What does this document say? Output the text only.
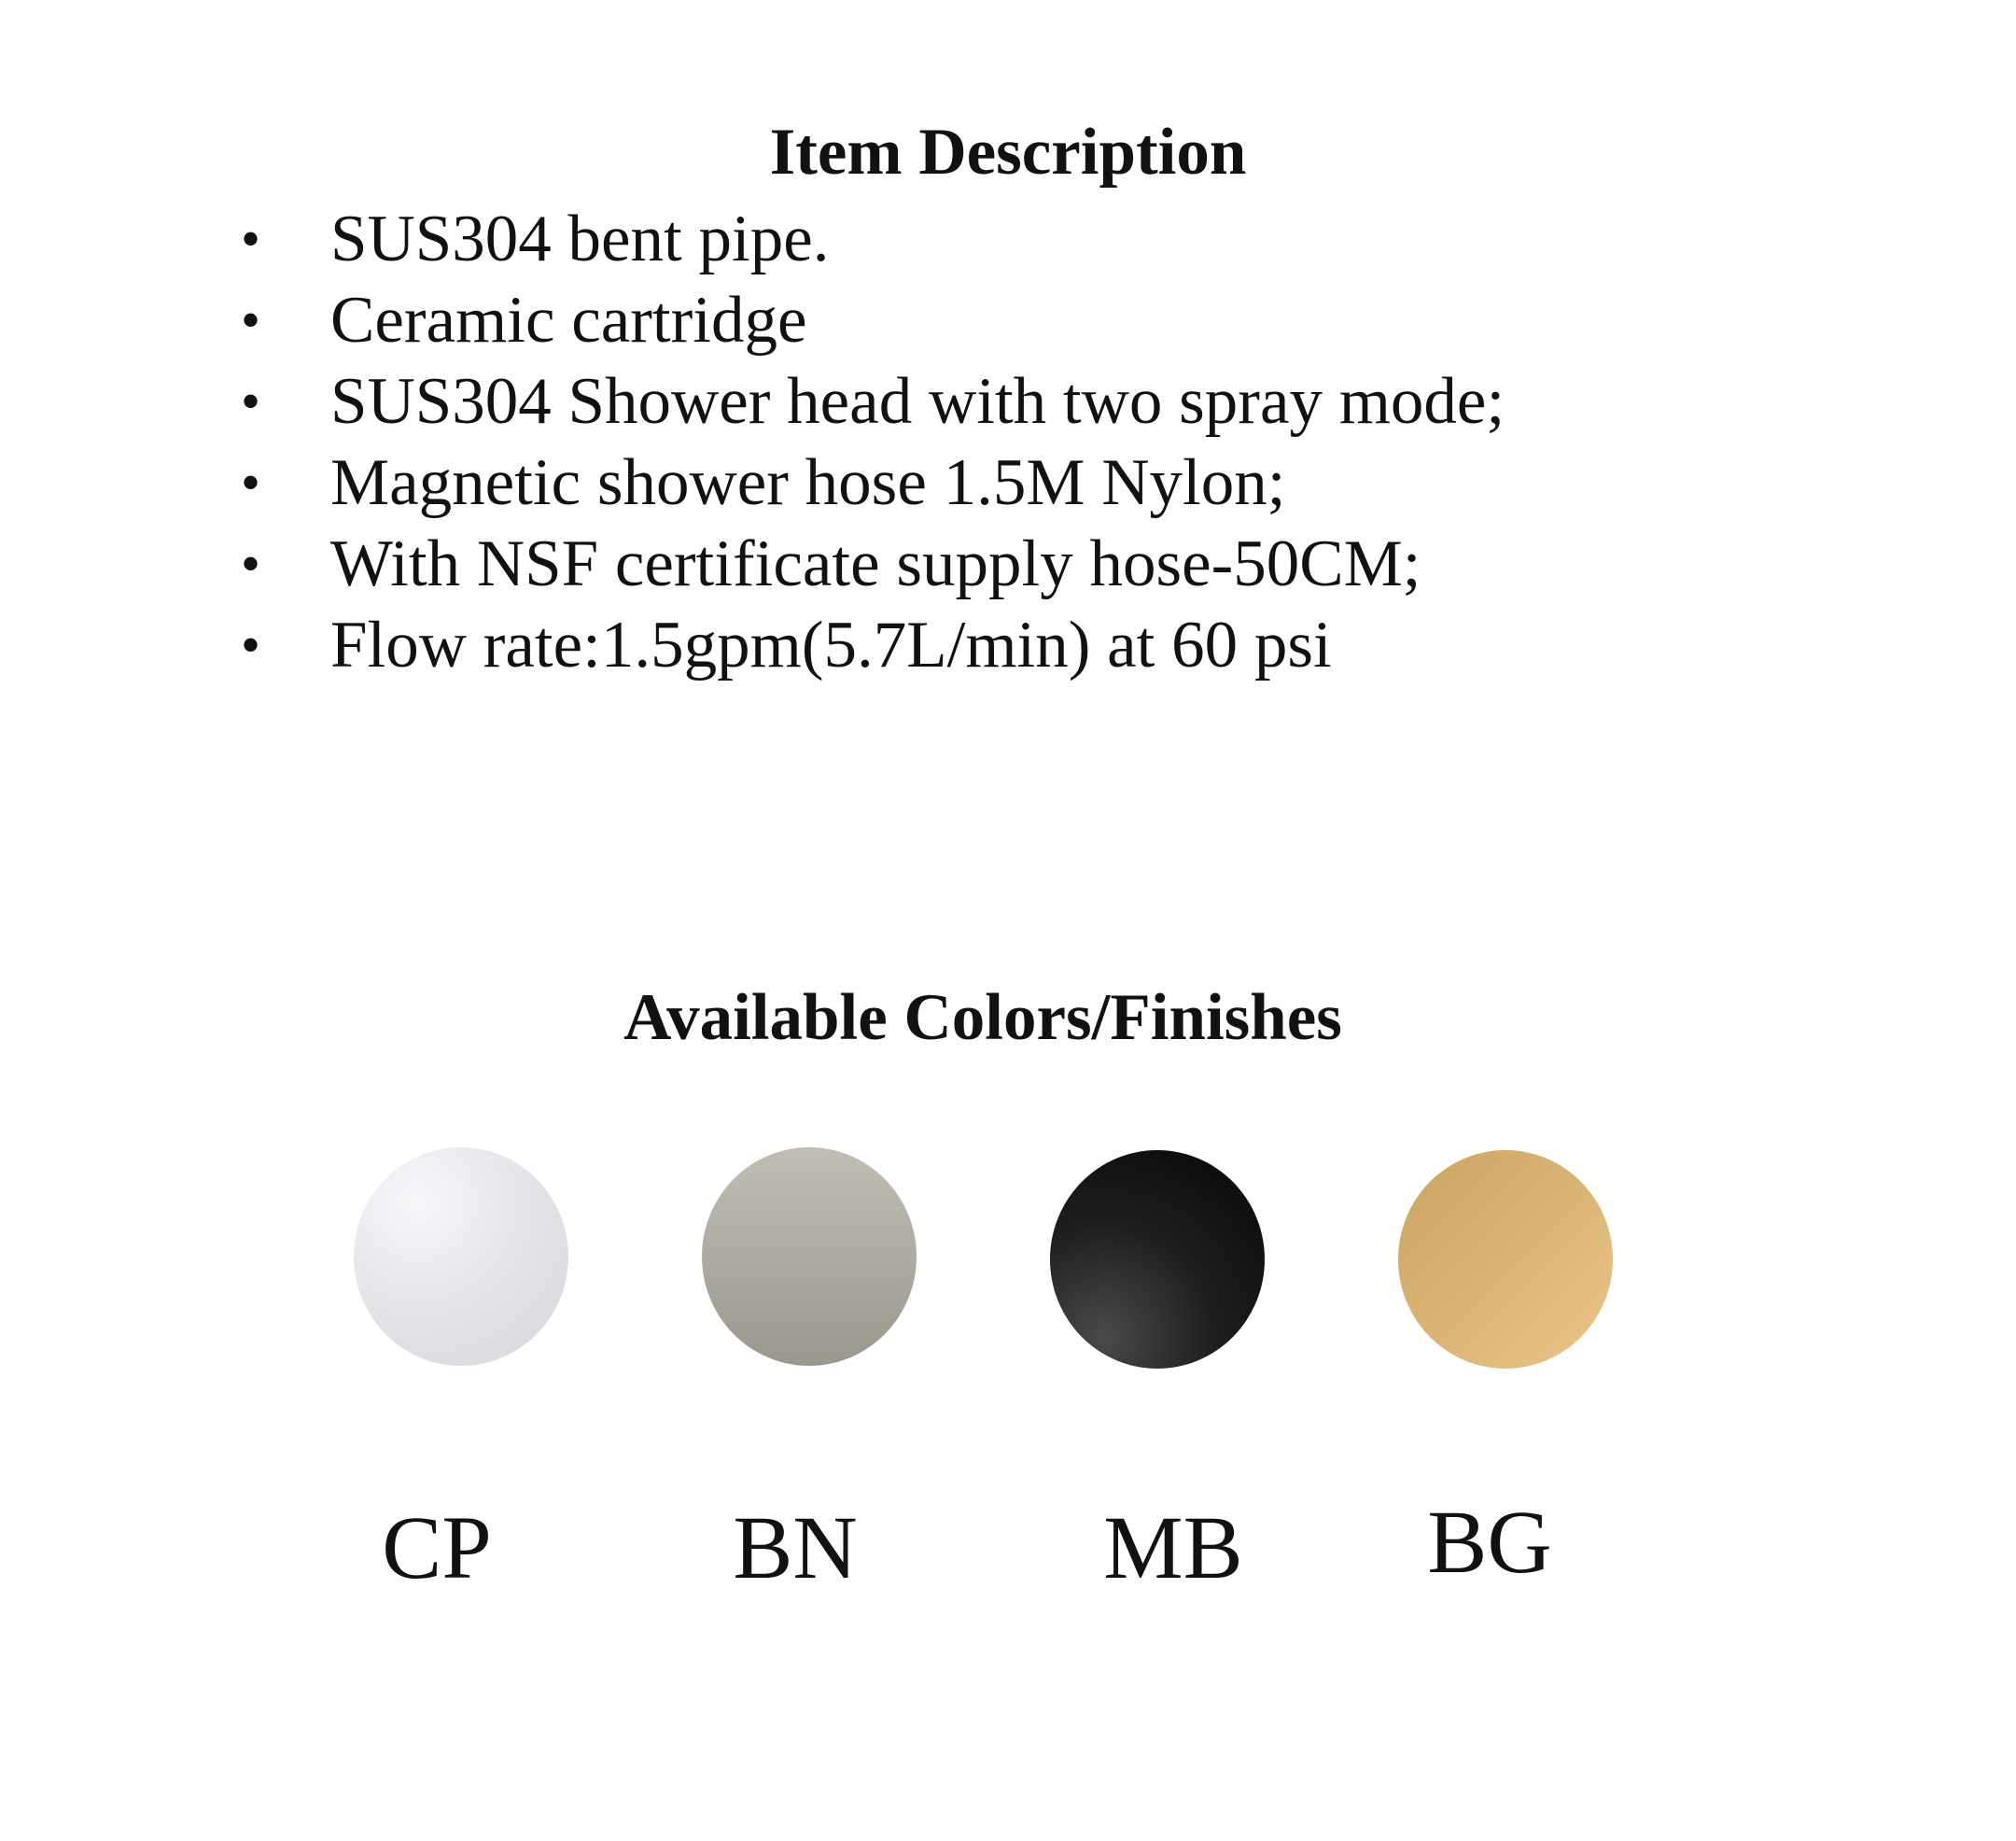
Item Description
• SUS304 bent pipe.
• Ceramic cartridge
• SUS304 Shower head with two spray mode;
• Magnetic shower hose 1.5M Nylon;
• With NSF certificate supply hose-50CM;
• Flow rate:1.5gpm(5.7L/min) at 60 psi
Available Colors/Finishes
CP	BN	MB BG
